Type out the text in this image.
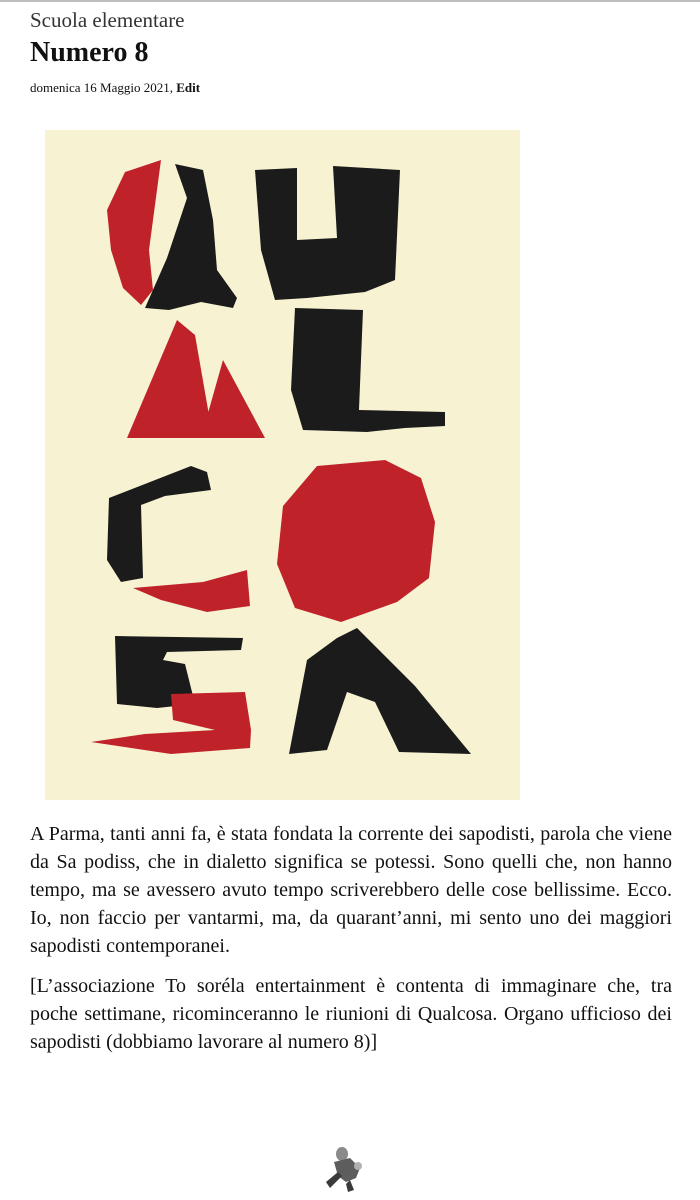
Scuola elementare
Numero 8
domenica 16 Maggio 2021, Edit

A Parma, tanti anni fa, è stata fondata la corrente dei sapodisti, parola che viene da Sa podiss, che in dialetto significa se potessi. Sono quelli che, non hanno tempo, ma se avessero avuto tempo scriverebbero delle cose bellissime. Ecco. Io, non faccio per vantarmi, ma, da quarant’anni, mi sento uno dei maggiori sapodisti contemporanei.

[L’associazione To soréla entertainment è contenta di immaginare che, tra poche settimane, ricominceranno le riunioni di Qualcosa. Organo ufficioso dei sapodisti (dobbiamo lavorare al numero 8)]
